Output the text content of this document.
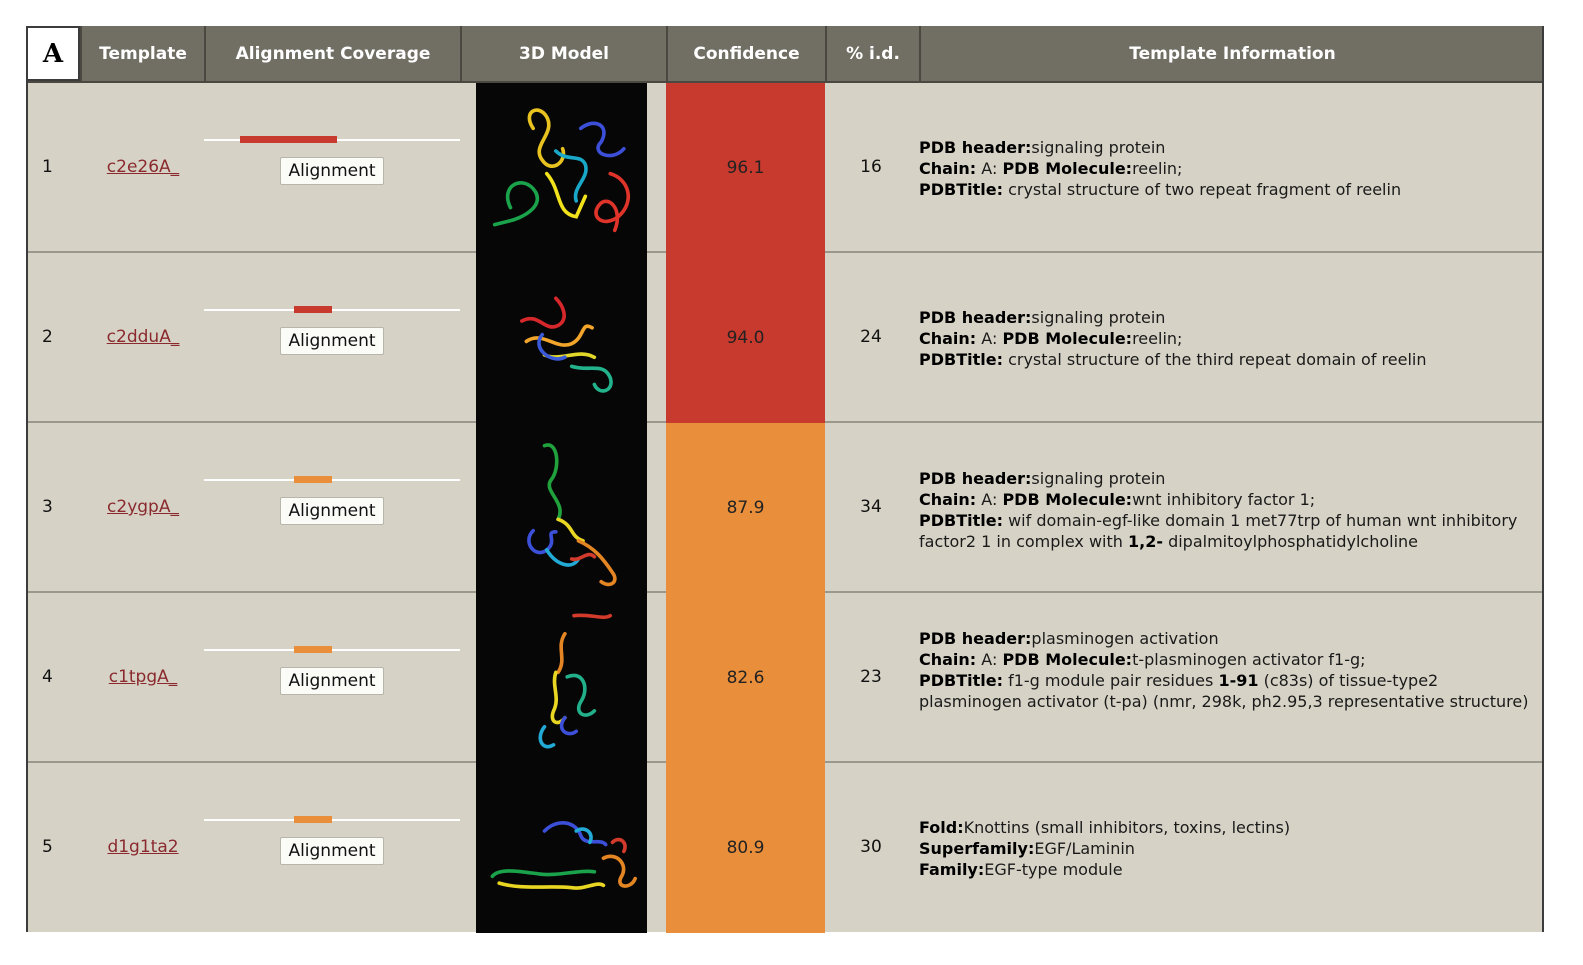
A	Template	Alignment Coverage	3D Model	Confidence	% i.d.	Template Information
1	c2e26A_	Alignment	96.1	16
PDB header:signaling protein
Chain: A: PDB Molecule:reelin;
PDBTitle: crystal structure of two repeat fragment of reelin
2	c2dduA_	Alignment	94.0	24
PDB header:signaling protein
Chain: A: PDB Molecule:reelin;
PDBTitle: crystal structure of the third repeat domain of reelin
3	c2ygpA_	Alignment	87.9	34
PDB header:signaling protein
Chain: A: PDB Molecule:wnt inhibitory factor 1;
PDBTitle: wif domain-egf-like domain 1 met77trp of human wnt inhibitory factor2 1 in complex with 1,2- dipalmitoylphosphatidylcholine
4	c1tpgA_	Alignment	82.6	23
PDB header:plasminogen activation
Chain: A: PDB Molecule:t-plasminogen activator f1-g;
PDBTitle: f1-g module pair residues 1-91 (c83s) of tissue-type2 plasminogen activator (t-pa) (nmr, 298k, ph2.95,3 representative structure)
5	d1g1ta2	Alignment	80.9	30
Fold:Knottins (small inhibitors, toxins, lectins)
Superfamily:EGF/Laminin
Family:EGF-type module
